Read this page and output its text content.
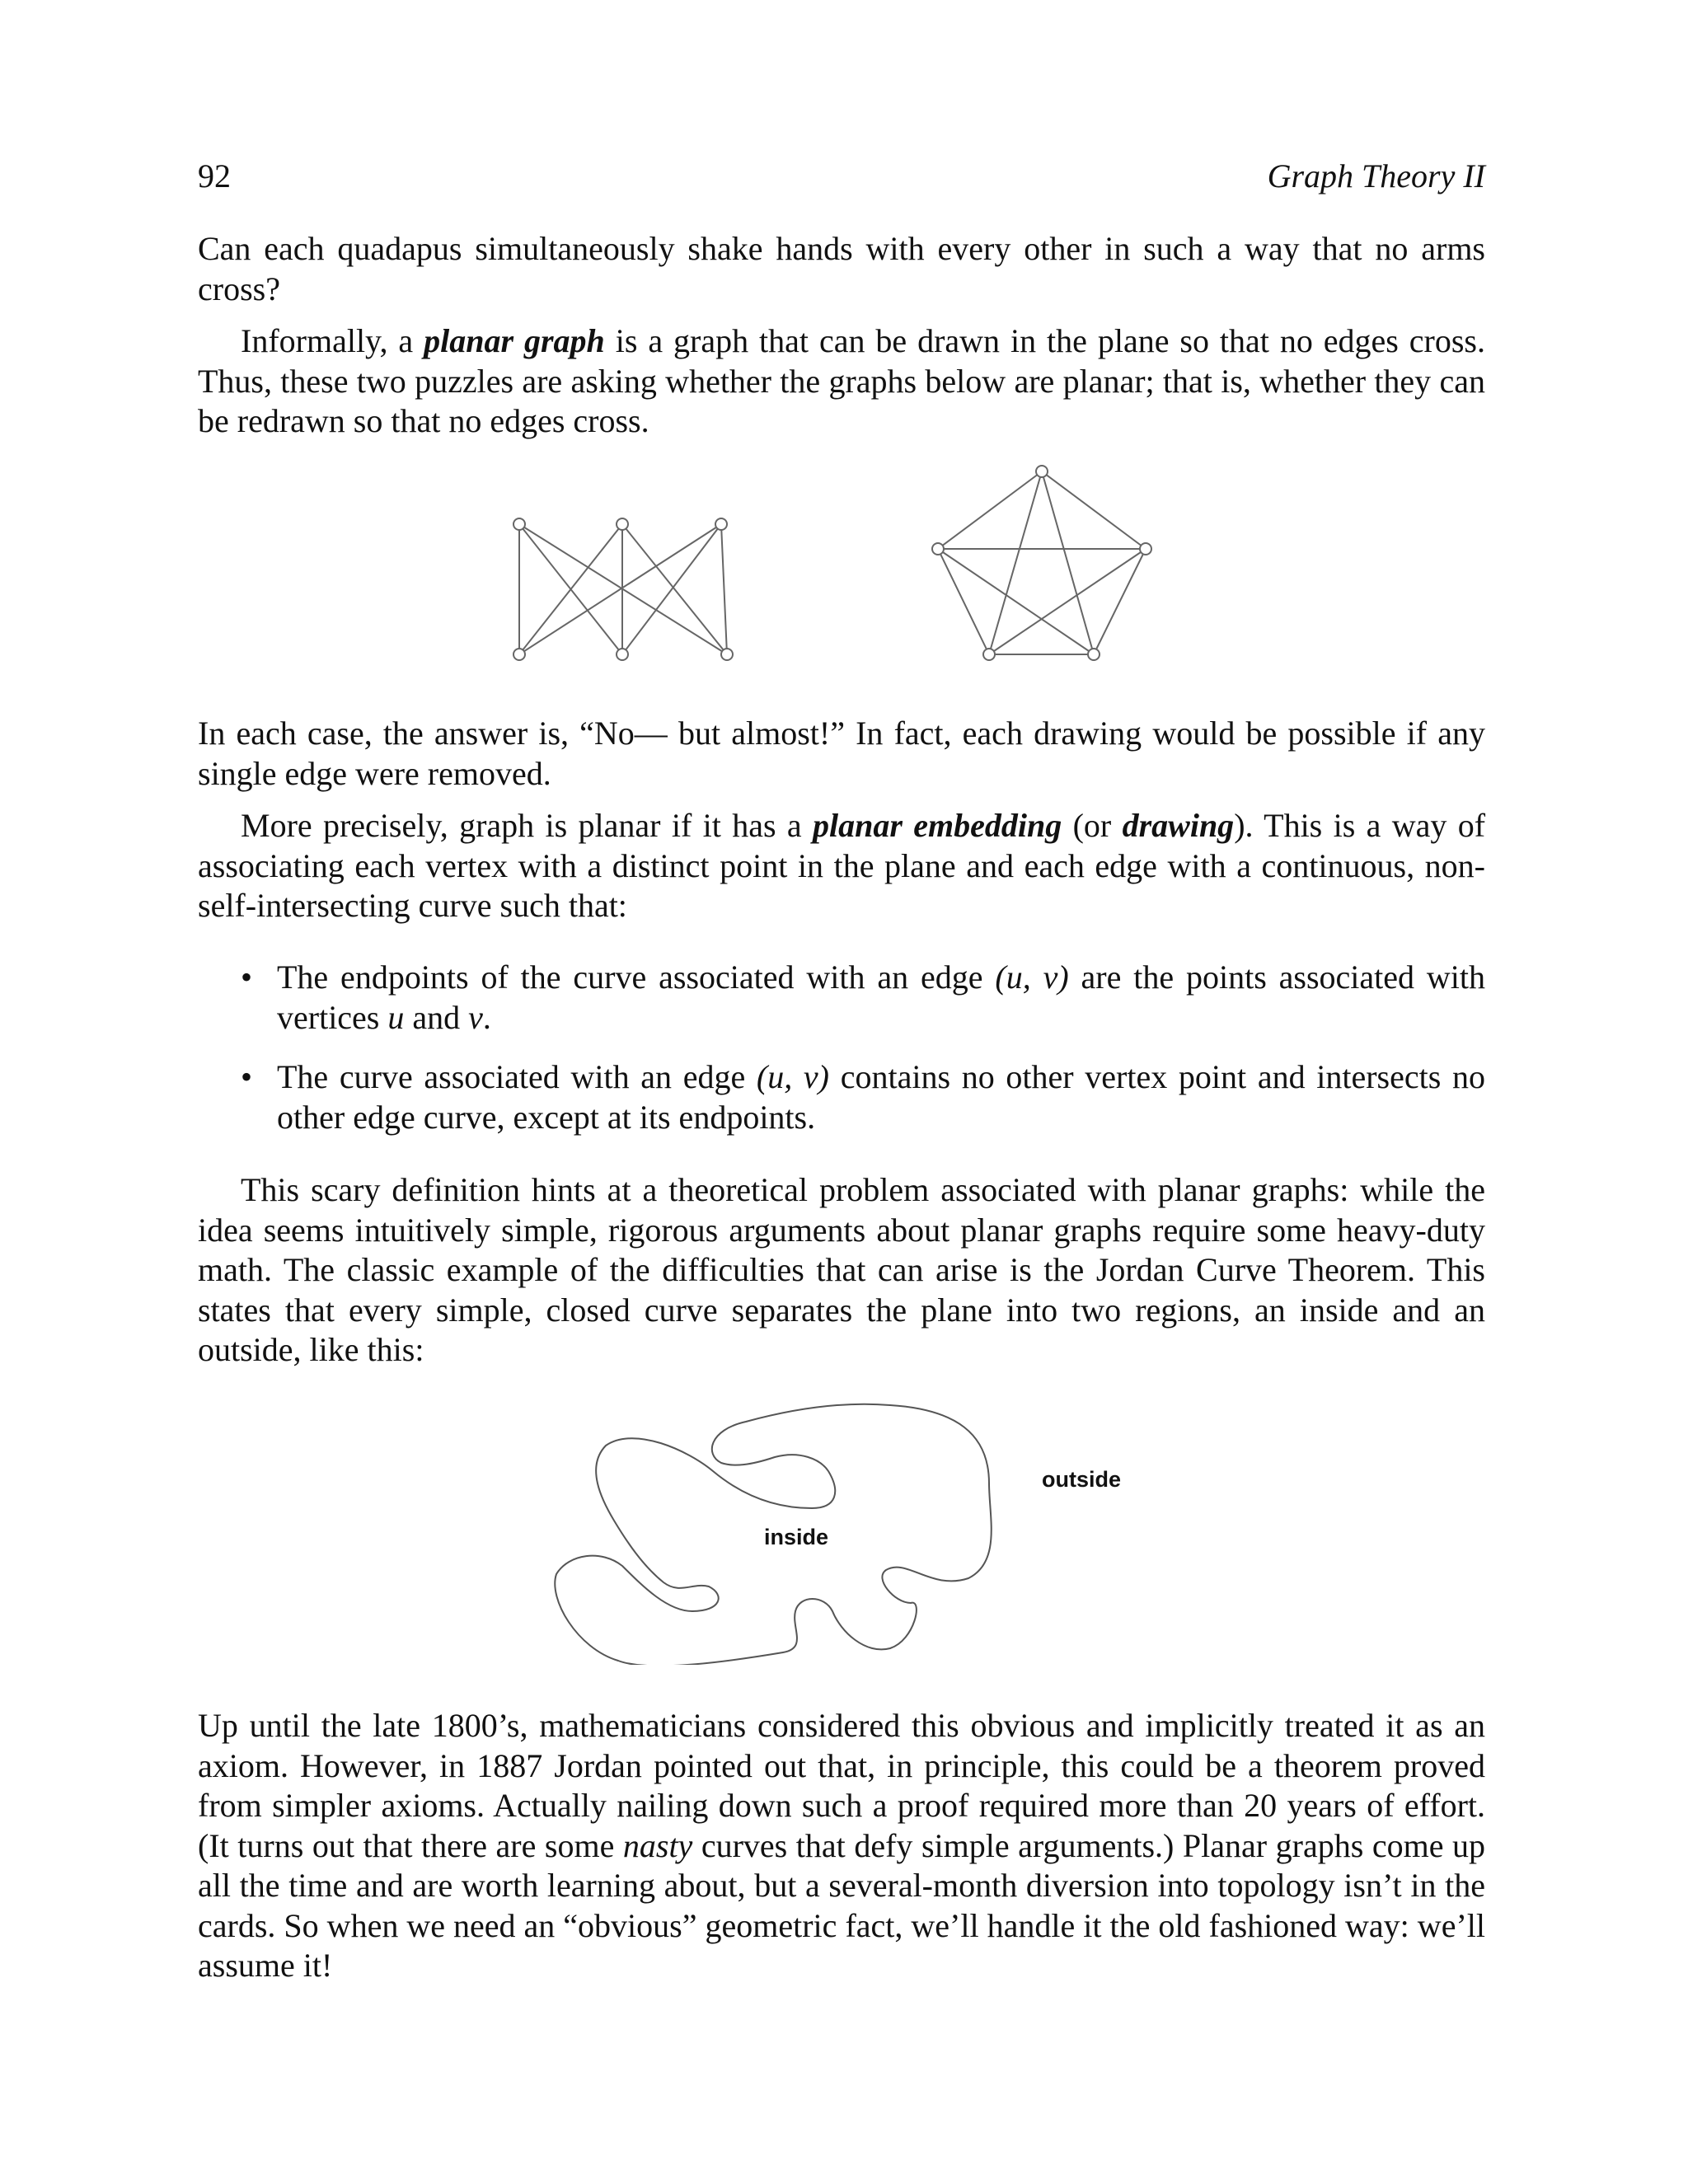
92	Graph Theory II

Can each quadapus simultaneously shake hands with every other in such a way that no arms cross?

Informally, a planar graph is a graph that can be drawn in the plane so that no edges cross. Thus, these two puzzles are asking whether the graphs below are planar; that is, whether they can be redrawn so that no edges cross.

In each case, the answer is, “No— but almost!” In fact, each drawing would be possible if any single edge were removed.

More precisely, graph is planar if it has a planar embedding (or drawing). This is a way of associating each vertex with a distinct point in the plane and each edge with a continuous, non-self-intersecting curve such that:

• The endpoints of the curve associated with an edge (u, v) are the points associated with vertices u and v.
• The curve associated with an edge (u, v) contains no other vertex point and intersects no other edge curve, except at its endpoints.

This scary definition hints at a theoretical problem associated with planar graphs: while the idea seems intuitively simple, rigorous arguments about planar graphs require some heavy-duty math. The classic example of the difficulties that can arise is the Jordan Curve Theorem. This states that every simple, closed curve separates the plane into two regions, an inside and an outside, like this:

inside
outside

Up until the late 1800’s, mathematicians considered this obvious and implicitly treated it as an axiom. However, in 1887 Jordan pointed out that, in principle, this could be a theorem proved from simpler axioms. Actually nailing down such a proof required more than 20 years of effort. (It turns out that there are some nasty curves that defy simple arguments.) Planar graphs come up all the time and are worth learning about, but a several-month diversion into topology isn’t in the cards. So when we need an “obvious” geometric fact, we’ll handle it the old fashioned way: we’ll assume it!
